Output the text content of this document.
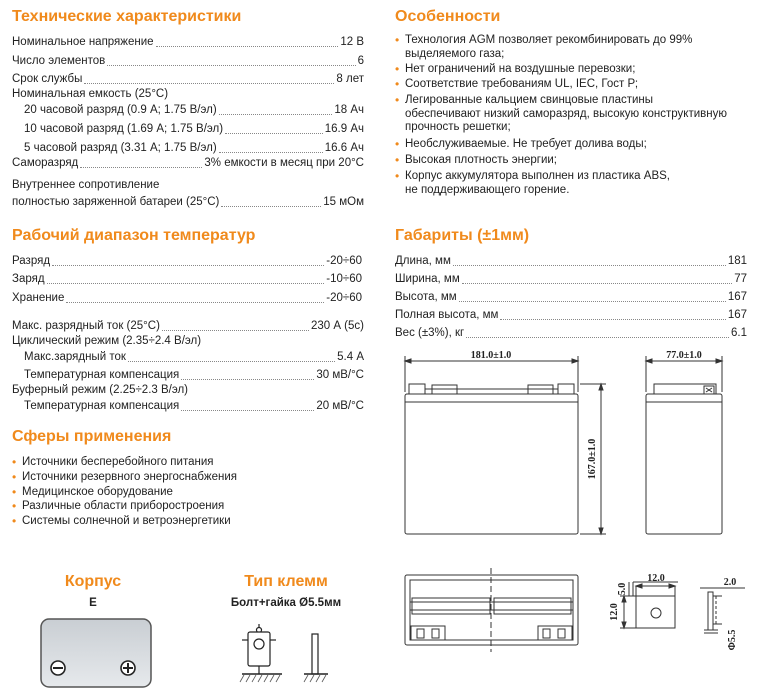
Технические характеристики
Номинальное напряжение	12 В
Число элементов	6
Срок службы	8 лет
Номинальная емкость (25°С)
20 часовой разряд (0.9 А; 1.75 В/эл)	18 Ач
10 часовой разряд (1.69 А; 1.75 В/эл)	16.9 Ач
5 часовой разряд (3.31 А; 1.75 В/эл)	16.6 Ач
Саморазряд	3% емкости в месяц при 20°С
Внутреннее сопротивление
полностью заряженной батареи (25°С)	15 мОм
Рабочий диапазон температур
Разряд	-20÷60
Заряд	-10÷60
Хранение	-20÷60
Макс. разрядный ток (25°С)	230 А (5с)
Циклический режим (2.35÷2.4 В/эл)
Макс.зарядный ток	5.4 А
Температурная компенсация	30 мВ/°С
Буферный режим (2.25÷2.3 В/эл)
Температурная компенсация	20 мВ/°С
Сферы применения
• Источники бесперебойного питания
• Источники резервного энергоснабжения
• Медицинское оборудование
• Различные области приборостроения
• Системы солнечной и ветроэнергетики
Корпус
E
Тип клемм
Болт+гайка Ø5.5мм
Особенности
• Технология AGM позволяет рекомбинировать до 99%
выделяемого газа;
• Нет ограничений на воздушные перевозки;
• Соответствие требованиям UL, IEC, Гост Р;
• Легированные кальцием свинцовые пластины
обеспечивают низкий саморазряд, высокую конструктивную
прочность решетки;
• Необслуживаемые. Не требует долива воды;
• Высокая плотность энергии;
• Корпус аккумулятора выполнен из пластика ABS,
не поддерживающего горение.
Габариты (±1мм)
Длина, мм	181
Ширина, мм	77
Высота, мм	167
Полная высота, мм	167
Вес (±3%), кг	6.1
181.0±1.0	77.0±1.0
167.0±1.0
12.0
5.0
12.0
2.0
Φ5.5
